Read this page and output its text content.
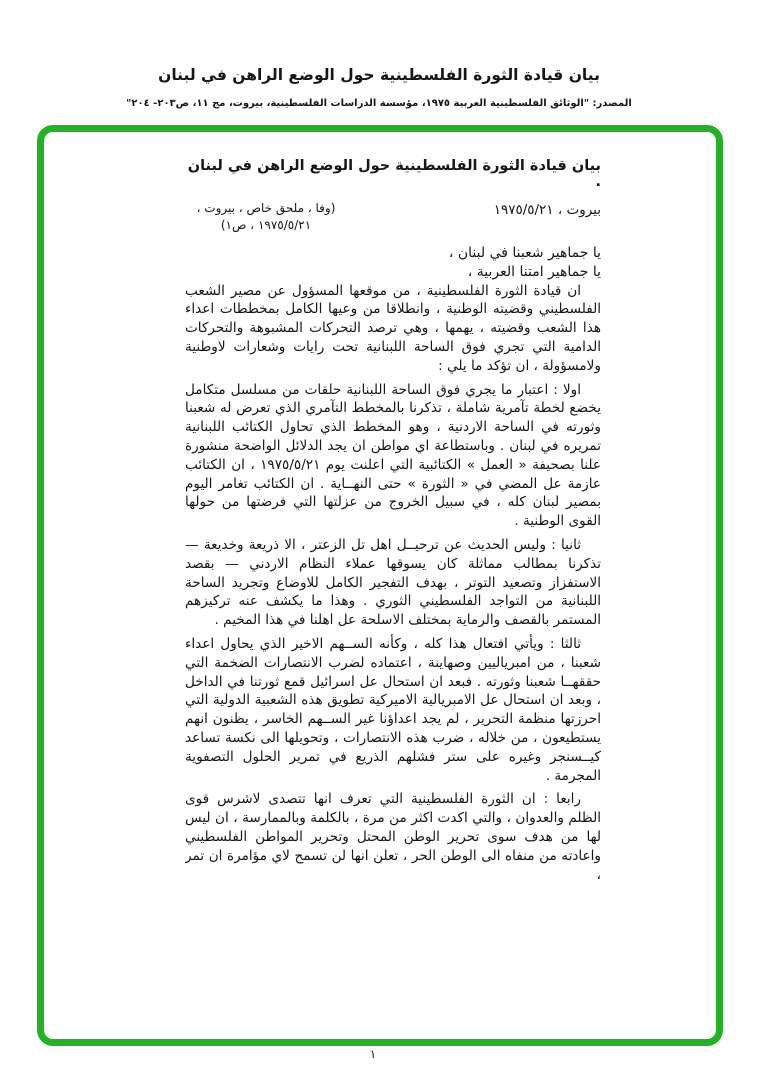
بيان قيادة الثورة الفلسطينية حول الوضع الراهن في لبنان
المصدر: "الوثائق الفلسطينية العربية ١٩٧٥، مؤسسة الدراسات الفلسطينية، بيروت، مج ١١، ص٢٠٣- ٢٠٤"
بيان قيادة الثورة الفلسطينية حول الوضع الراهن في لبنان .
بيروت ، ١٩٧٥/٥/٢١
(وفا ، ملحق خاص ، بيروت ،
١٩٧٥/٥/٢١ ، ص١)
يا جماهير شعبنا في لبنان ،
يا جماهير امتنا العربية ،

ان قيادة الثورة الفلسطينية ، من موقعها المسؤول عن مصير الشعب الفلسطيني وقضيته الوطنية ، وانطلاقا من وعيها الكامل بمخططات اعداء هذا الشعب وقضيته ، يهمها ، وهي ترصد التحركات المشبوهة والتحركات الدامية التي تجري فوق الساحة اللبنانية تحت رايات وشعارات لاوطنية ولامسؤولة ، ان تؤكد ما يلي :

اولا : اعتبار ما يجري فوق الساحة اللبنانية حلقات من مسلسل متكامل يخضع لخطة تآمرية شاملة ، تذكرنا بالمخطط التآمري الذي تعرض له شعبنا وثورته في الساحة الاردنية ، وهو المخطط الذي تحاول الكتائب اللبنانية تمريره في لبنان . وباستطاعة اي مواطن ان يجد الدلائل الواضحة منشورة علنا بصحيفة « العمل » الكتائبية التي اعلنت يوم ١٩٧٥/٥/٢١ ، ان الكتائب عازمة عل المضي في « الثورة » حتى النهــاية . ان الكتائب تغامر اليوم بمصير لبنان كله ، في سبيل الخروج من عزلتها التي فرضتها من حولها القوى الوطنية .

ثانيا : وليس الحديث عن ترحيــل اهل تل الزعتر ، الا ذريعة وخديعة — تذكرنا بمطالب مماثلة كان يسوقها عملاء النظام الاردني — بقصد الاستفزاز وتصعيد التوتر ، بهدف التفجير الكامل للاوضاع وتجريد الساحة اللبنانية من التواجد الفلسطيني الثوري . وهذا ما يكشف عنه تركيزهم المستمر بالقصف والرماية بمختلف الاسلحة عل اهلنا في هذا المخيم .

ثالثا : ويأتي افتعال هذا كله ، وكأنه الســهم الاخير الذي يحاول اعداء شعبنا ، من امبرياليين وصهاينة ، اعتماده لضرب الانتصارات الضخمة التي حققهــا شعبنا وثورته . فبعد ان استحال عل اسرائيل قمع ثورتنا في الداخل ، وبعد ان استحال عل الامبريالية الاميركية تطويق هذه الشعبية الدولية التي احرزتها منظمة التحرير ، لم يجد اعداؤنا غير الســهم الخاسر ، يظنون انهم يستطيعون ، من خلاله ، ضرب هذه الانتصارات ، وتحويلها الى نكسة تساعد كيــسنجر وغيره على ستر فشلهم الذريع في تمرير الحلول التصفوية المجرمة .

رابعا : ان الثورة الفلسطينية التي تعرف انها تتصدى لاشرس قوى الظلم والعدوان ، والتي اكدت اكثر من مرة ، بالكلمة وبالممارسة ، ان ليس لها من هدف سوى تحرير الوطن المحتل وتحرير المواطن الفلسطيني واعادته من منفاه الى الوطن الحر ، تعلن انها لن تسمح لاي مؤامرة ان تمر ،

١
